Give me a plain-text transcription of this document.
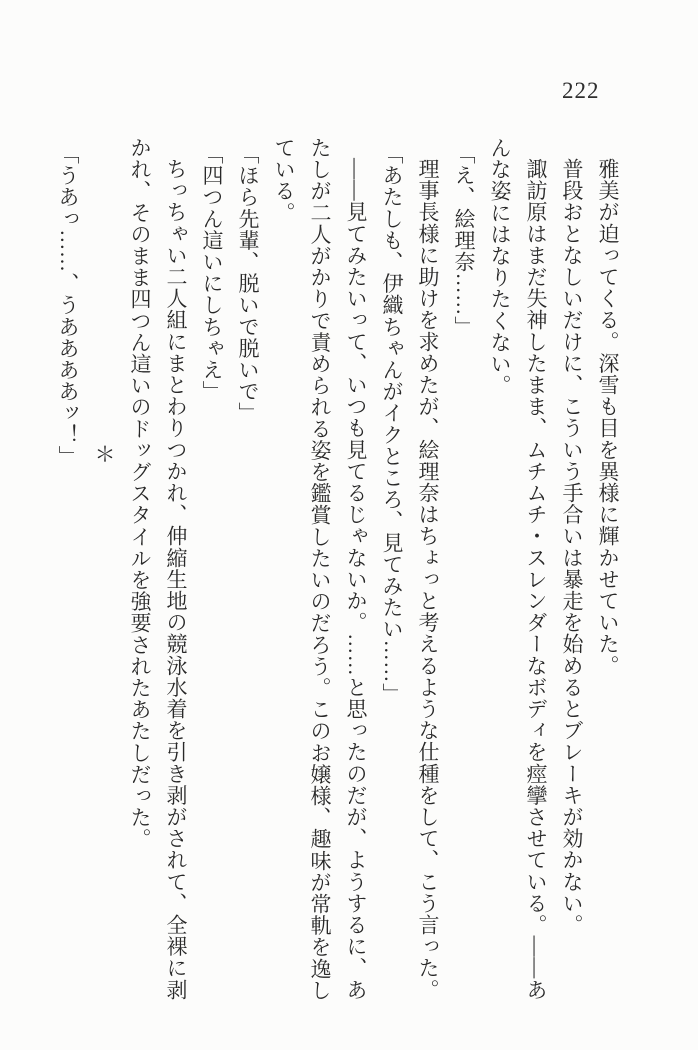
222

雅美が迫ってくる。深雪も目を異様に輝かせていた。

普段おとなしいだけに、こういう手合いは暴走を始めるとブレーキが効かない。

諏訪原はまだ失神したまま、ムチムチ・スレンダーなボディを痙攣させている。――あ

んな姿にはなりたくない。

「え、絵理奈……」

理事長様に助けを求めたが、絵理奈はちょっと考えるような仕種をして、こう言った。

「あたしも、伊織ちゃんがイクところ、見てみたい……」

――見てみたいって、いつも見てるじゃないか。……と思ったのだが、ようするに、あ

たしが二人がかりで責められる姿を鑑賞したいのだろう。このお嬢様、趣味が常軌を逸し

ている。

「ほら先輩、脱いで脱いで」

「四つん這いにしちゃえ」

ちっちゃい二人組にまとわりつかれ、伸縮生地の競泳水着を引き剥がされて、全裸に剥

かれ、そのまま四つん這いのドッグスタイルを強要されたあたしだった。

＊

「うあっ……、うああああッ！」
